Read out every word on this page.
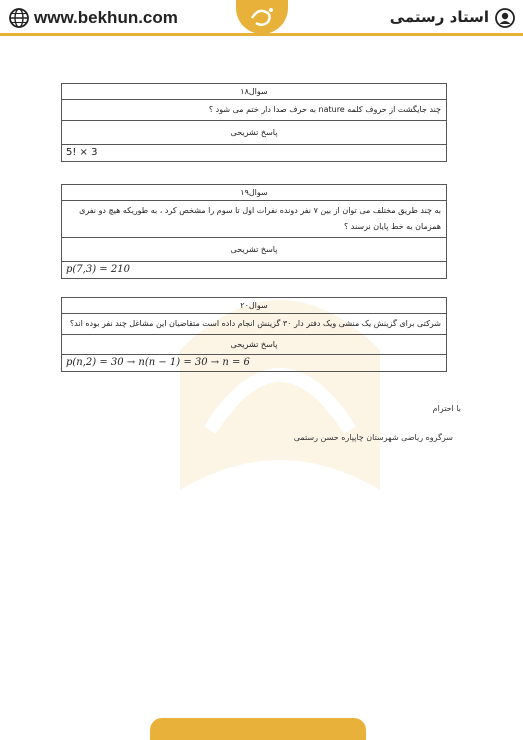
www.bekhun.com	استاد رستمی
سوال۱۸
چند جایگشت از حروف کلمه nature به حرف صدا دار ختم می شود ؟
پاسخ تشریحی
5! × 3
سوال۱۹
به چند طریق مختلف می توان از بین ۷ نفر دونده نفرات اول تا سوم را مشخص کرد ، به طوریکه هیچ دو نفری همزمان به خط پایان نرسند ؟
پاسخ تشریحی
p(7,3) = 210
سوال۲۰
شرکتی برای گزینش یک منشی ویک دفتر دار ۳۰ گزینش انجام داده است متقاضیان این مشاغل چند نفر بوده اند؟
پاسخ تشریحی
p(n,2) = 30 → n(n − 1) = 30 → n = 6
با احترام
سرگروه ریاضی شهرستان چاپپاره حسن رستمی
